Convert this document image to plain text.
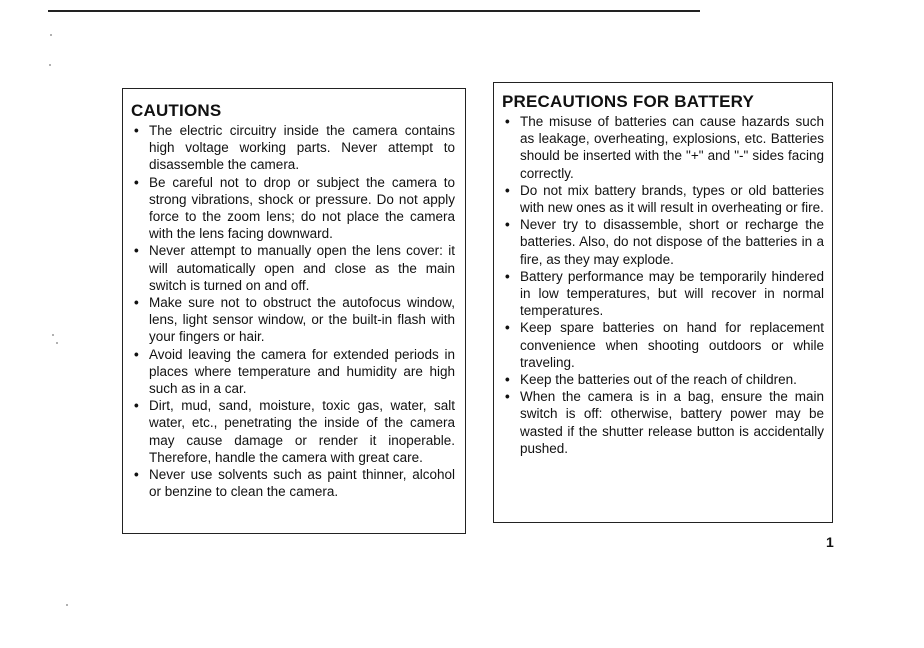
CAUTIONS
• The electric circuitry inside the camera contains high voltage working parts. Never attempt to disassemble the camera.
• Be careful not to drop or subject the camera to strong vibrations, shock or pressure. Do not apply force to the zoom lens; do not place the camera with the lens facing downward.
• Never attempt to manually open the lens cover: it will automatically open and close as the main switch is turned on and off.
• Make sure not to obstruct the autofocus window, lens, light sensor window, or the built-in flash with your fingers or hair.
• Avoid leaving the camera for extended periods in places where temperature and humidity are high such as in a car.
• Dirt, mud, sand, moisture, toxic gas, water, salt water, etc., penetrating the inside of the camera may cause damage or render it inoperable. Therefore, handle the camera with great care.
• Never use solvents such as paint thinner, alcohol or benzine to clean the camera.
PRECAUTIONS FOR BATTERY
• The misuse of batteries can cause hazards such as leakage, overheating, explosions, etc. Batteries should be inserted with the "+" and "-" sides facing correctly.
• Do not mix battery brands, types or old batteries with new ones as it will result in overheating or fire.
• Never try to disassemble, short or recharge the batteries. Also, do not dispose of the batteries in a fire, as they may explode.
• Battery performance may be temporarily hindered in low temperatures, but will recover in normal temperatures.
• Keep spare batteries on hand for replacement convenience when shooting outdoors or while traveling.
• Keep the batteries out of the reach of children.
• When the camera is in a bag, ensure the main switch is off: otherwise, battery power may be wasted if the shutter release button is accidentally pushed.
1
